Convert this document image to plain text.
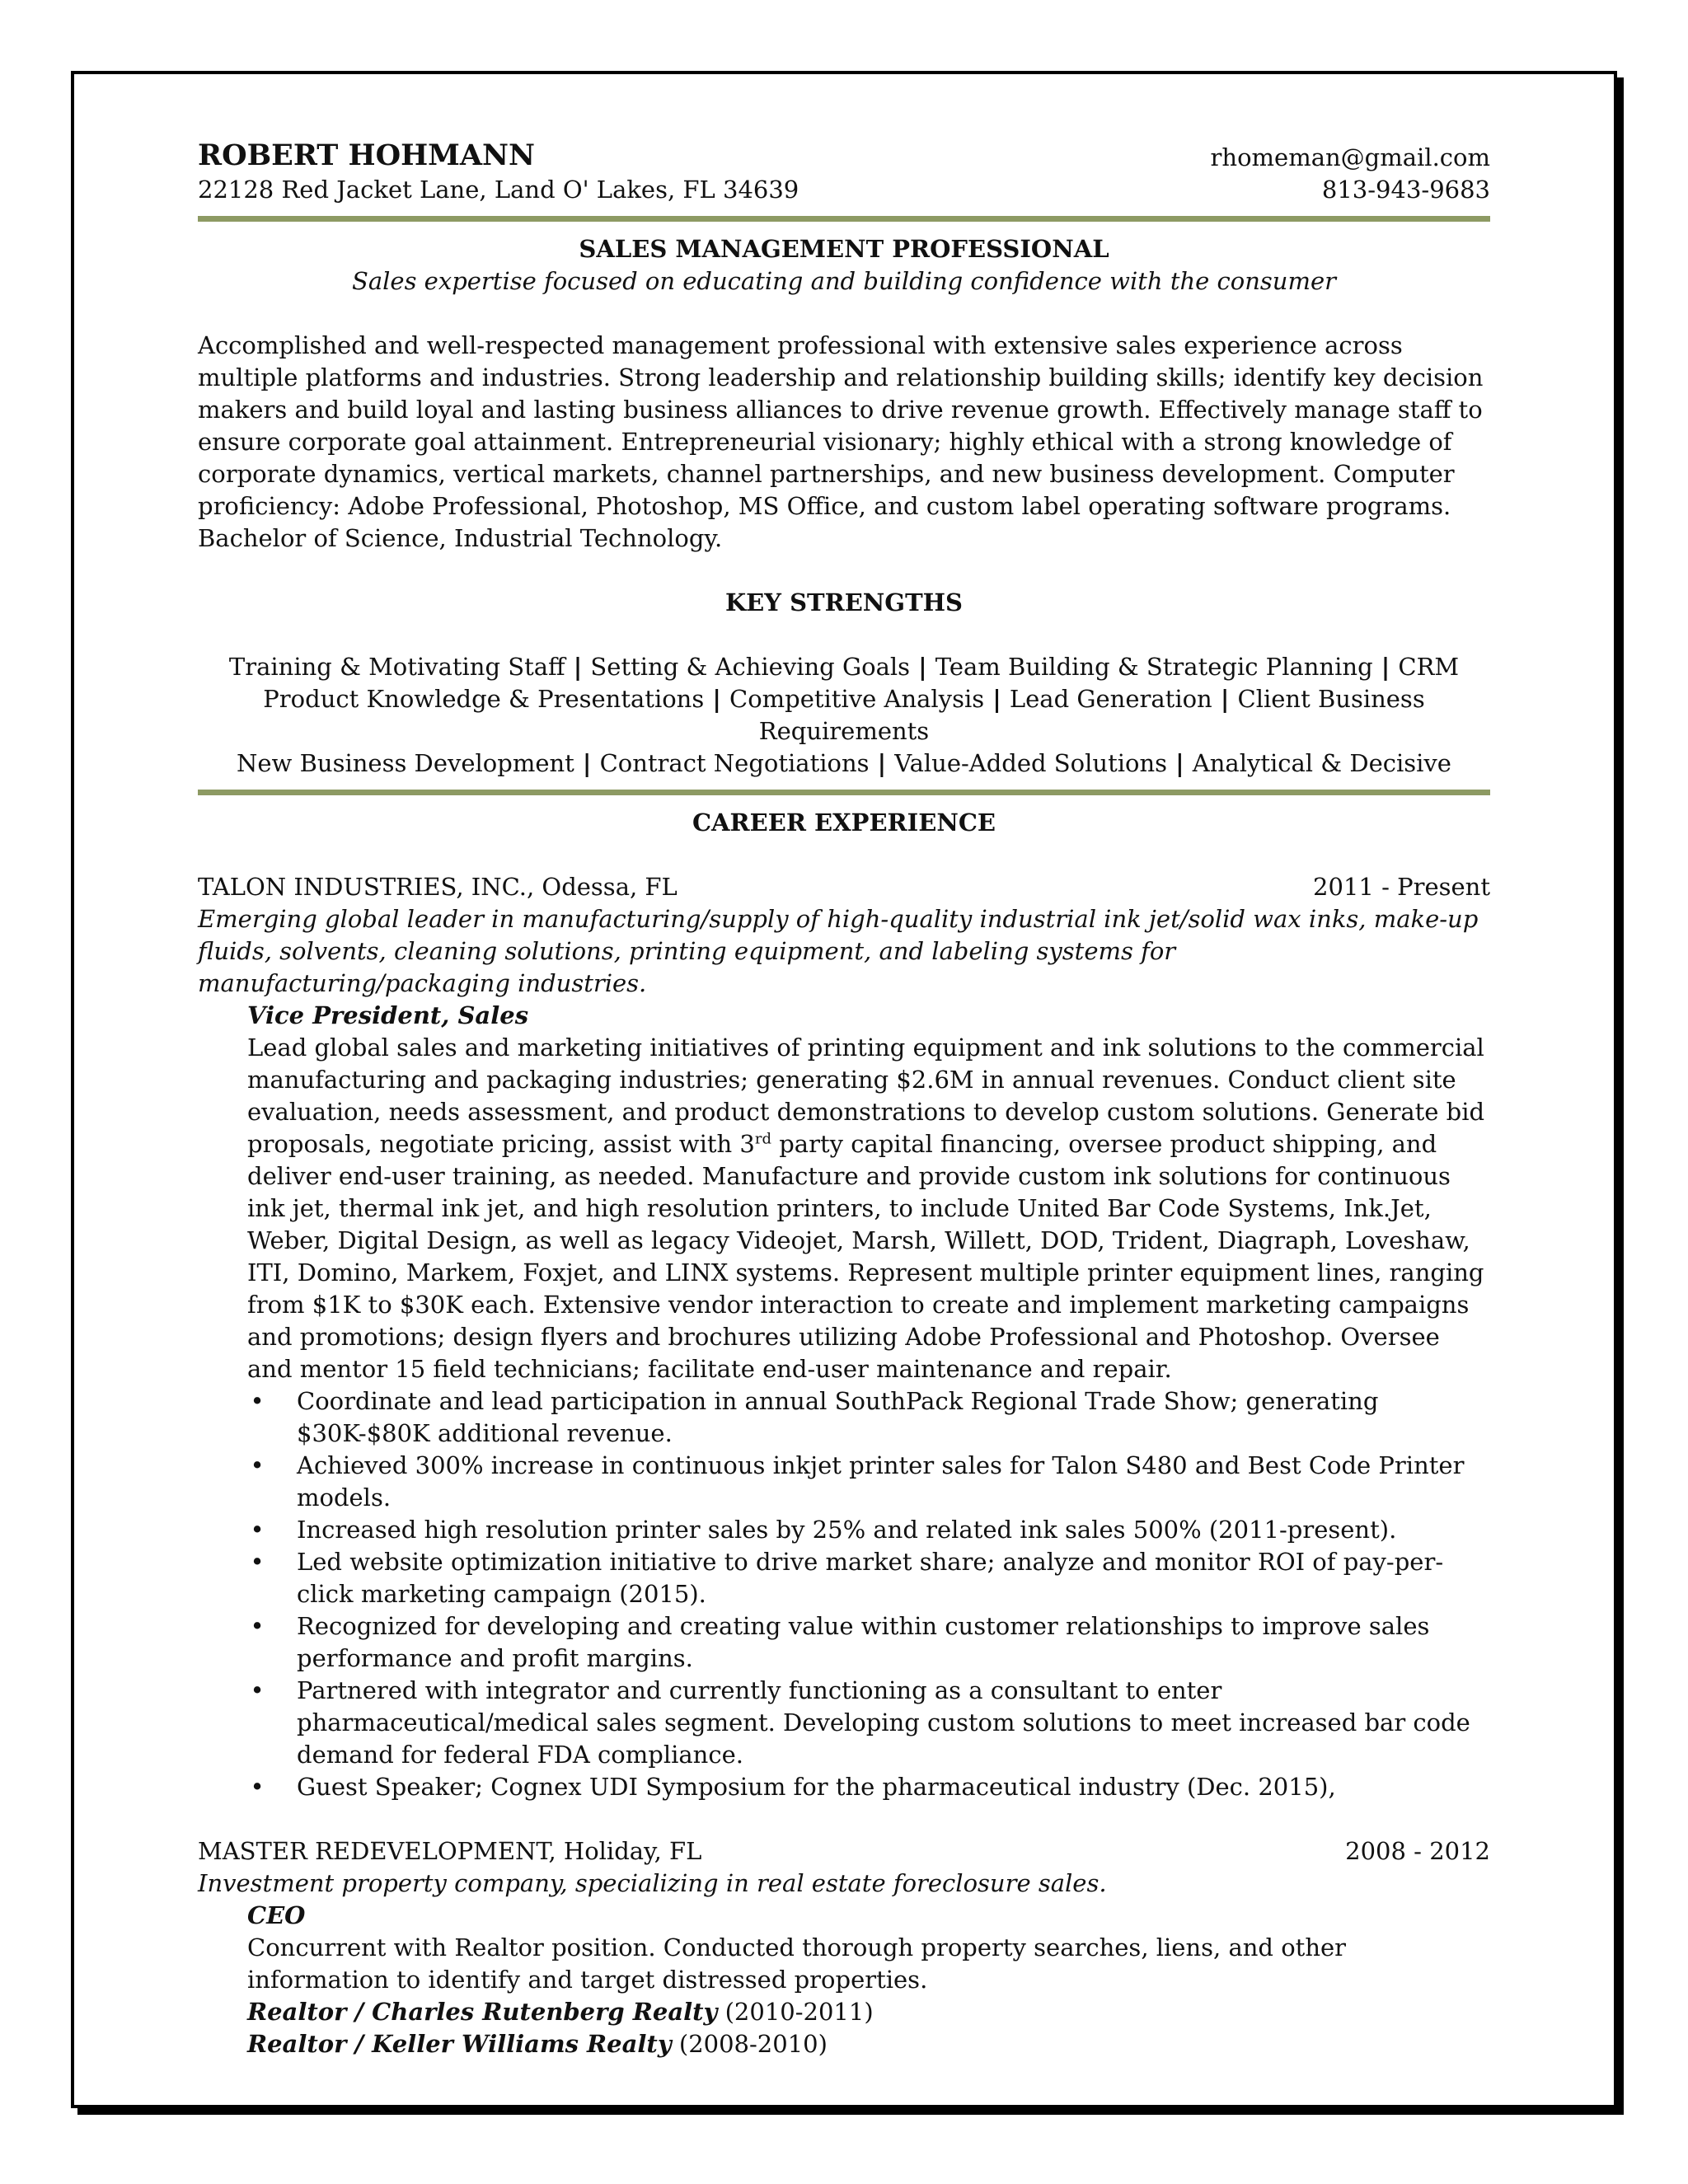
ROBERT HOHMANN	rhomeman@gmail.com
22128 Red Jacket Lane, Land O' Lakes, FL 34639	813-943-9683
SALES MANAGEMENT PROFESSIONAL
Sales expertise focused on educating and building confidence with the consumer

Accomplished and well-respected management professional with extensive sales experience across multiple platforms and industries. Strong leadership and relationship building skills; identify key decision makers and build loyal and lasting business alliances to drive revenue growth. Effectively manage staff to ensure corporate goal attainment. Entrepreneurial visionary; highly ethical with a strong knowledge of corporate dynamics, vertical markets, channel partnerships, and new business development. Computer proficiency: Adobe Professional, Photoshop, MS Office, and custom label operating software programs. Bachelor of Science, Industrial Technology.

KEY STRENGTHS
Training & Motivating Staff | Setting & Achieving Goals | Team Building & Strategic Planning | CRM
Product Knowledge & Presentations | Competitive Analysis | Lead Generation | Client Business Requirements
New Business Development | Contract Negotiations | Value-Added Solutions | Analytical & Decisive
CAREER EXPERIENCE
TALON INDUSTRIES, INC., Odessa, FL	2011 - Present

Emerging global leader in manufacturing/supply of high-quality industrial ink jet/solid wax inks, make-up fluids, solvents, cleaning solutions, printing equipment, and labeling systems for manufacturing/packaging industries.

Vice President, Sales

Lead global sales and marketing initiatives of printing equipment and ink solutions to the commercial manufacturing and packaging industries; generating $2.6M in annual revenues. Conduct client site evaluation, needs assessment, and product demonstrations to develop custom solutions. Generate bid proposals, negotiate pricing, assist with 3rd party capital financing, oversee product shipping, and deliver end-user training, as needed. Manufacture and provide custom ink solutions for continuous ink jet, thermal ink jet, and high resolution printers, to include United Bar Code Systems, Ink.Jet, Weber, Digital Design, as well as legacy Videojet, Marsh, Willett, DOD, Trident, Diagraph, Loveshaw, ITI, Domino, Markem, Foxjet, and LINX systems. Represent multiple printer equipment lines, ranging from $1K to $30K each. Extensive vendor interaction to create and implement marketing campaigns and promotions; design flyers and brochures utilizing Adobe Professional and Photoshop. Oversee and mentor 15 field technicians; facilitate end-user maintenance and repair.

• Coordinate and lead participation in annual SouthPack Regional Trade Show; generating $30K-$80K additional revenue.
• Achieved 300% increase in continuous inkjet printer sales for Talon S480 and Best Code Printer models.
• Increased high resolution printer sales by 25% and related ink sales 500% (2011-present).
• Led website optimization initiative to drive market share; analyze and monitor ROI of pay-per-click marketing campaign (2015).
• Recognized for developing and creating value within customer relationships to improve sales performance and profit margins.
• Partnered with integrator and currently functioning as a consultant to enter pharmaceutical/medical sales segment. Developing custom solutions to meet increased bar code demand for federal FDA compliance.
• Guest Speaker; Cognex UDI Symposium for the pharmaceutical industry (Dec. 2015),
MASTER REDEVELOPMENT, Holiday, FL	2008 - 2012

Investment property company, specializing in real estate foreclosure sales.

CEO

Concurrent with Realtor position. Conducted thorough property searches, liens, and other information to identify and target distressed properties.

Realtor / Charles Rutenberg Realty (2010-2011)
Realtor / Keller Williams Realty (2008-2010)
